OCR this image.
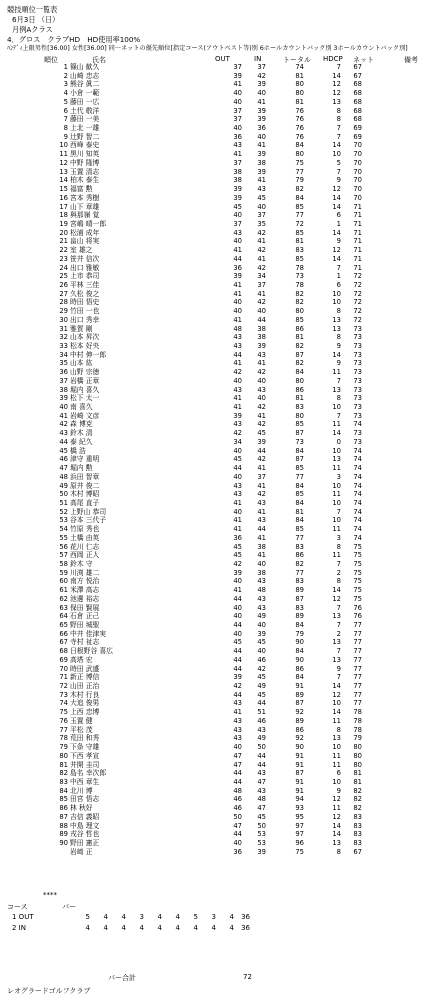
競技順位一覧表
6月3日 （日）
月例Aクラス
4．グロス　クラブHD　HD使用率100%
ﾊﾝﾃﾞｨ上限男性[36.00] 女性[36.00] 同一ネットの優先順位[指定コース(アウトベスト等)別 6ホールカウントバック別 3ホールカウントバック別]
順位	氏名	OUT	IN	トータル HDCP ネット	備考
1 篠山 歓久	37	37	74	7	67
2 山崎 忠志	39	42	81	14	67
3 熊谷 眞二	41	39	80	12	68
4 小倉 一範	40	40	80	12	68
5 藤田 一広	40	41	81	13	68
6 土代 敬洋	37	39	76	8	68
7 藤田 一美	37	39	76	8	68
8 上北 一雄	40	36	76	7	69
9 辻野 智二	36	40	76	7	69
10 西峰 泰史	43	41	84	14	70
11 黒川 知英	41	39	80	10	70
12 中野 隆博	37	38	75	5	70
13 玉置 清志	38	39	77	7	70
14 柏木 泰生	38	41	79	9	70
15 福富 勲	39	43	82	12	70
16 宮本 秀樹	39	45	84	14	70
17 山下 章雄	45	40	85	14	71
18 與那嶺 覚	40	37	77	6	71
19 宮嶋 晴一郎	37	35	72	1	71
20 松浦 成年	43	42	85	14	71
21 畠山 将実	40	41	81	9	71
22 室 雄之	41	42	83	12	71
23 笹井 信次	44	41	85	14	71
24 出口 雅敏	36	42	78	7	71
25 上市 恭司	39	34	73	1	72
26 平林 三佳	41	37	78	6	72
27 久松 俊之	41	41	82	10	72
28 時田 悟史	40	42	82	10	72
29 竹田 一也	40	40	80	8	72
30 出口 秀幸	41	44	85	13	72
31 雅賀 剛	48	38	86	13	73
32 山本 昇次	43	38	81	8	73
33 松本 好央	43	39	82	9	73
34 中村 伸一郎	44	43	87	14	73
35 山本 紘	41	41	82	9	73
36 山野 宗徳	42	42	84	11	73
37 岩橋 正章	40	40	80	7	73
38 堀内 喜久	43	43	86	13	73
39 松下 太一	41	40	81	8	73
40 南 喜久	41	42	83	10	73
41 岩崎 文彦	39	41	80	7	73
42 森 博克	43	42	85	11	74
43 鈴木 清	42	45	87	14	73
44 泰 紀久	34	39	73	0	73
45 橋 浩	40	44	84	10	74
46 津守 重明	45	42	87	13	74
47 堀内 勲	44	41	85	11	74
48 浜田 智章	40	37	77	3	74
49 原井 俊二	43	41	84	10	74
50 木村 博昭	43	42	85	11	74
51 高尾 直子	41	43	84	10	74
52 上野山 恭司	40	41	81	7	74
53 谷本 三代子	41	43	84	10	74
54 竹原 秀也	41	44	85	11	74
55 土橋 由英	36	41	77	3	74
56 花川 仁志	45	38	83	8	75
57 西岡 正人	45	41	86	11	75
58 鈴木 守	42	40	82	7	75
59 川渕 雄二	39	38	77	2	75
60 南方 悦治	40	43	83	8	75
61 米澤 高志	41	48	89	14	75
62 池邊 裕志	44	43	87	12	75
63 保田 賢展	40	43	83	7	76
64 石倉 正己	40	49	89	13	76
65 野田 城聖	44	40	84	7	77
66 中井 佳津実	40	39	79	2	77
67 寺村 祉志	45	45	90	13	77
68 日根野谷 喜広	44	40	84	7	77
69 高塔 宏	44	46	90	13	77
70 時田 武盛	44	42	86	9	77
71 新正 博信	39	45	84	7	77
72 山田 正治	42	49	91	14	77
73 木村 行良	44	45	89	12	77
74 大追 俊男	43	44	87	10	77
75 上西 忠博	41	51	92	14	78
76 玉置 健	43	46	89	11	78
77 平松 茂	43	43	86	8	78
78 荒田 和秀	43	49	92	13	79
79 下条 守雄	40	50	90	10	80
80 下西 孝宣	47	44	91	11	80
81 井開 圭司	47	44	91	11	80
82 島名 幸次郎	44	43	87	6	81
83 中西 章生	44	47	91	10	81
84 北川 博	48	43	91	9	82
85 田宮 悟志	46	48	94	12	82
86 林 秋好	46	47	93	11	82
87 吉信 義昭	50	45	95	12	83
88 中島 理文	47	50	97	14	83
89 戎谷 哲也	44	53	97	14	83
90 野田 憲正	40	53	96	13	83
岩﨑 正	36	39	75	8	67
****
コース	パー
1 OUT	5	4	4	3	4	4	5	3	4	36
2 IN	4	4	4	4	4	4	4	4	4	36
パー合計	72
レオグラードゴルフクラブ
